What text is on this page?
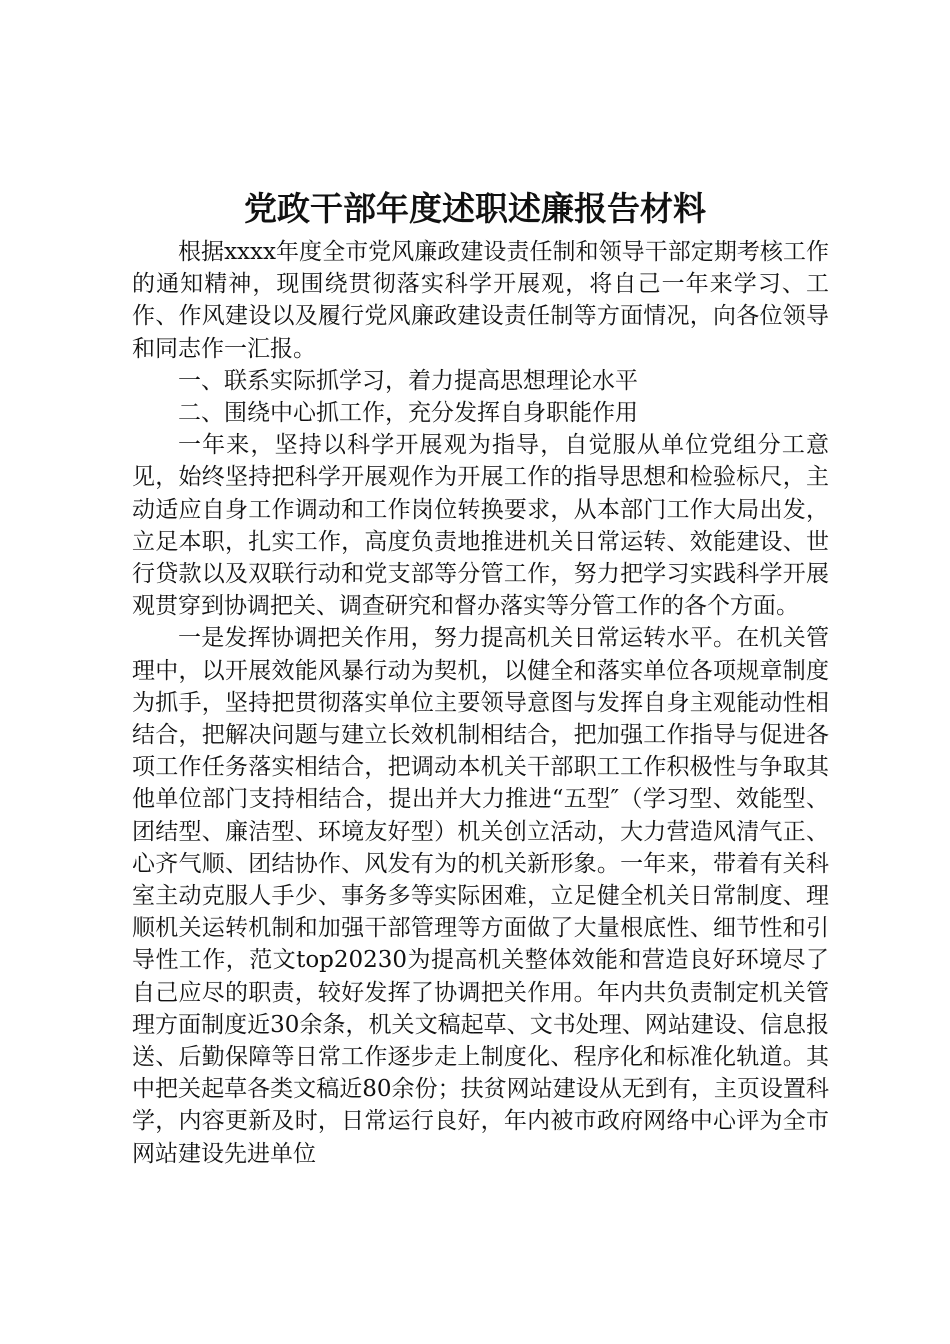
党政干部年度述职述廉报告材料

根据xxxx年度全市党风廉政建设责任制和领导干部定期考核工作的通知精神，现围绕贯彻落实科学开展观，将自己一年来学习、工作、作风建设以及履行党风廉政建设责任制等方面情况，向各位领导和同志作一汇报。

一、联系实际抓学习，着力提高思想理论水平

二、围绕中心抓工作，充分发挥自身职能作用

一年来，坚持以科学开展观为指导，自觉服从单位党组分工意见，始终坚持把科学开展观作为开展工作的指导思想和检验标尺，主动适应自身工作调动和工作岗位转换要求，从本部门工作大局出发，立足本职，扎实工作，高度负责地推进机关日常运转、效能建设、世行贷款以及双联行动和党支部等分管工作，努力把学习实践科学开展观贯穿到协调把关、调查研究和督办落实等分管工作的各个方面。

一是发挥协调把关作用，努力提高机关日常运转水平。在机关管理中，以开展效能风暴行动为契机，以健全和落实单位各项规章制度为抓手，坚持把贯彻落实单位主要领导意图与发挥自身主观能动性相结合，把解决问题与建立长效机制相结合，把加强工作指导与促进各项工作任务落实相结合，把调动本机关干部职工工作积极性与争取其他单位部门支持相结合，提出并大力推进“五型″（学习型、效能型、团结型、廉洁型、环境友好型）机关创立活动，大力营造风清气正、心齐气顺、团结协作、风发有为的机关新形象。一年来，带着有关科室主动克服人手少、事务多等实际困难，立足健全机关日常制度、理顺机关运转机制和加强干部管理等方面做了大量根底性、细节性和引导性工作，范文top20230为提高机关整体效能和营造良好环境尽了自己应尽的职责，较好发挥了协调把关作用。年内共负责制定机关管理方面制度近30余条，机关文稿起草、文书处理、网站建设、信息报送、后勤保障等日常工作逐步走上制度化、程序化和标准化轨道。其中把关起草各类文稿近80余份；扶贫网站建设从无到有，主页设置科学，内容更新及时，日常运行良好，年内被市政府网络中心评为全市网站建设先进单位
